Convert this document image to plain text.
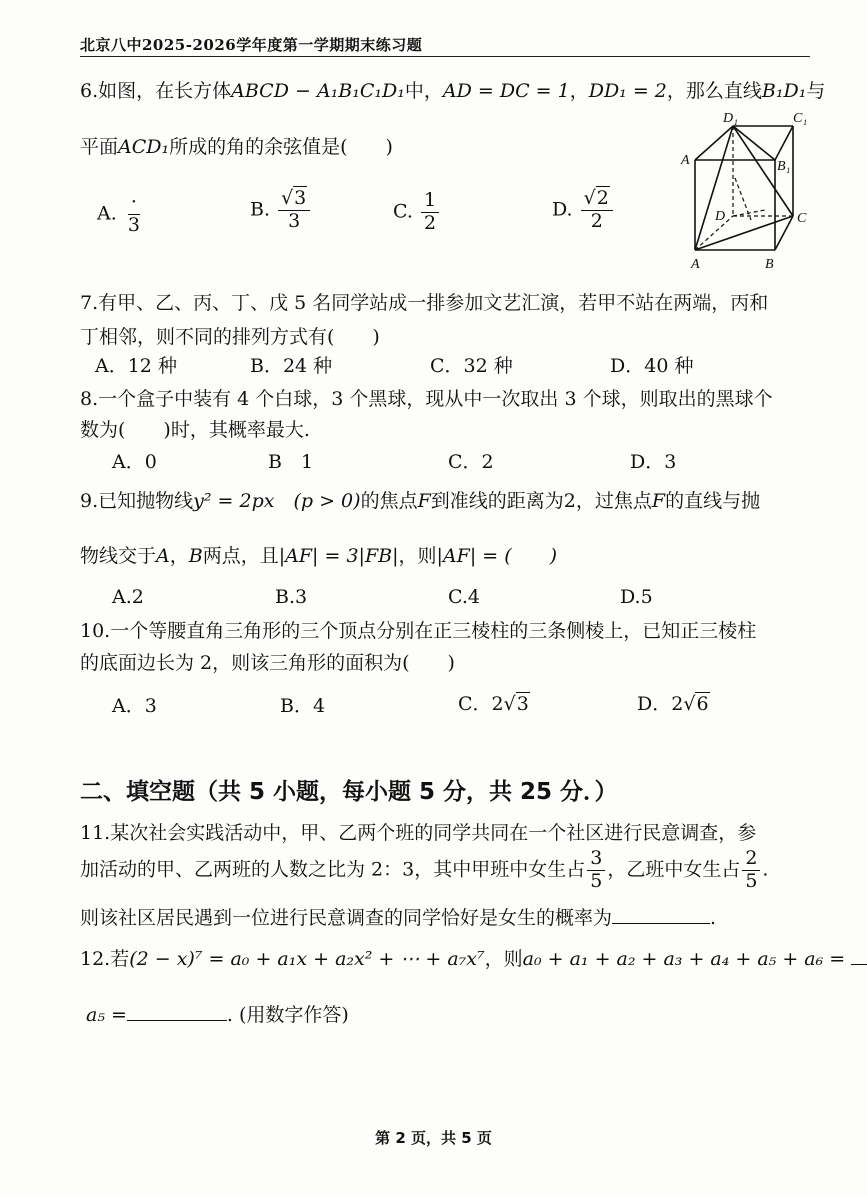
北京八中2025-2026学年度第一学期期末练习题
6.如图，在长方体ABCD − A₁B₁C₁D₁中，AD = DC = 1，DD₁ = 2，那么直线B₁D₁与
平面ACD₁所成的角的余弦值是(　　)
A. $\frac{\cdot}{3}$	B. $\frac{√3}{3}$	C. $\frac{1}{2}$	D. $\frac{√2}{2}$
D₁	C₁
A	B₁
D	C
A	B
7.有甲、乙、丙、丁、戊 5 名同学站成一排参加文艺汇演，若甲不站在两端，丙和
丁相邻，则不同的排列方式有(　　)
A．12 种	B．24 种	C．32 种	D．40 种
8.一个盒子中装有 4 个白球，3 个黑球，现从中一次取出 3 个球，则取出的黑球个
数为(　　)时，其概率最大.
A．0	B　1	C．2	D．3
9.已知抛物线y² = 2px　 (p > 0)的焦点F到准线的距离为2，过焦点F的直线与抛
物线交于A，B两点，且|AF| = 3|FB|，则|AF| = (　　)
A.2	B.3	C.4	D.5
10.一个等腰直角三角形的三个顶点分别在正三棱柱的三条侧棱上，已知正三棱柱
的底面边长为 2，则该三角形的面积为(　　)
A．3	B．4	C．2√3	D．2√6
二、填空题（共 5 小题，每小题 5 分，共 25 分．）
11.某次社会实践活动中，甲、乙两个班的同学共同在一个社区进行民意调查，参
加活动的甲、乙两班的人数之比为 2：3，其中甲班中女生占 $\frac{3}{5}$ ，乙班中女生占 $\frac{2}{5}$ .
则该社区居民遇到一位进行民意调查的同学恰好是女生的概率为	.
12.若(2 − x)⁷ = a₀ + a₁x + a₂x² + ⋯ + a₇x⁷，则a₀ + a₁ + a₂ + a₃ + a₄ + a₅ + a₆ =
a₅ =	. (用数字作答)
第 2 页，共 5 页
